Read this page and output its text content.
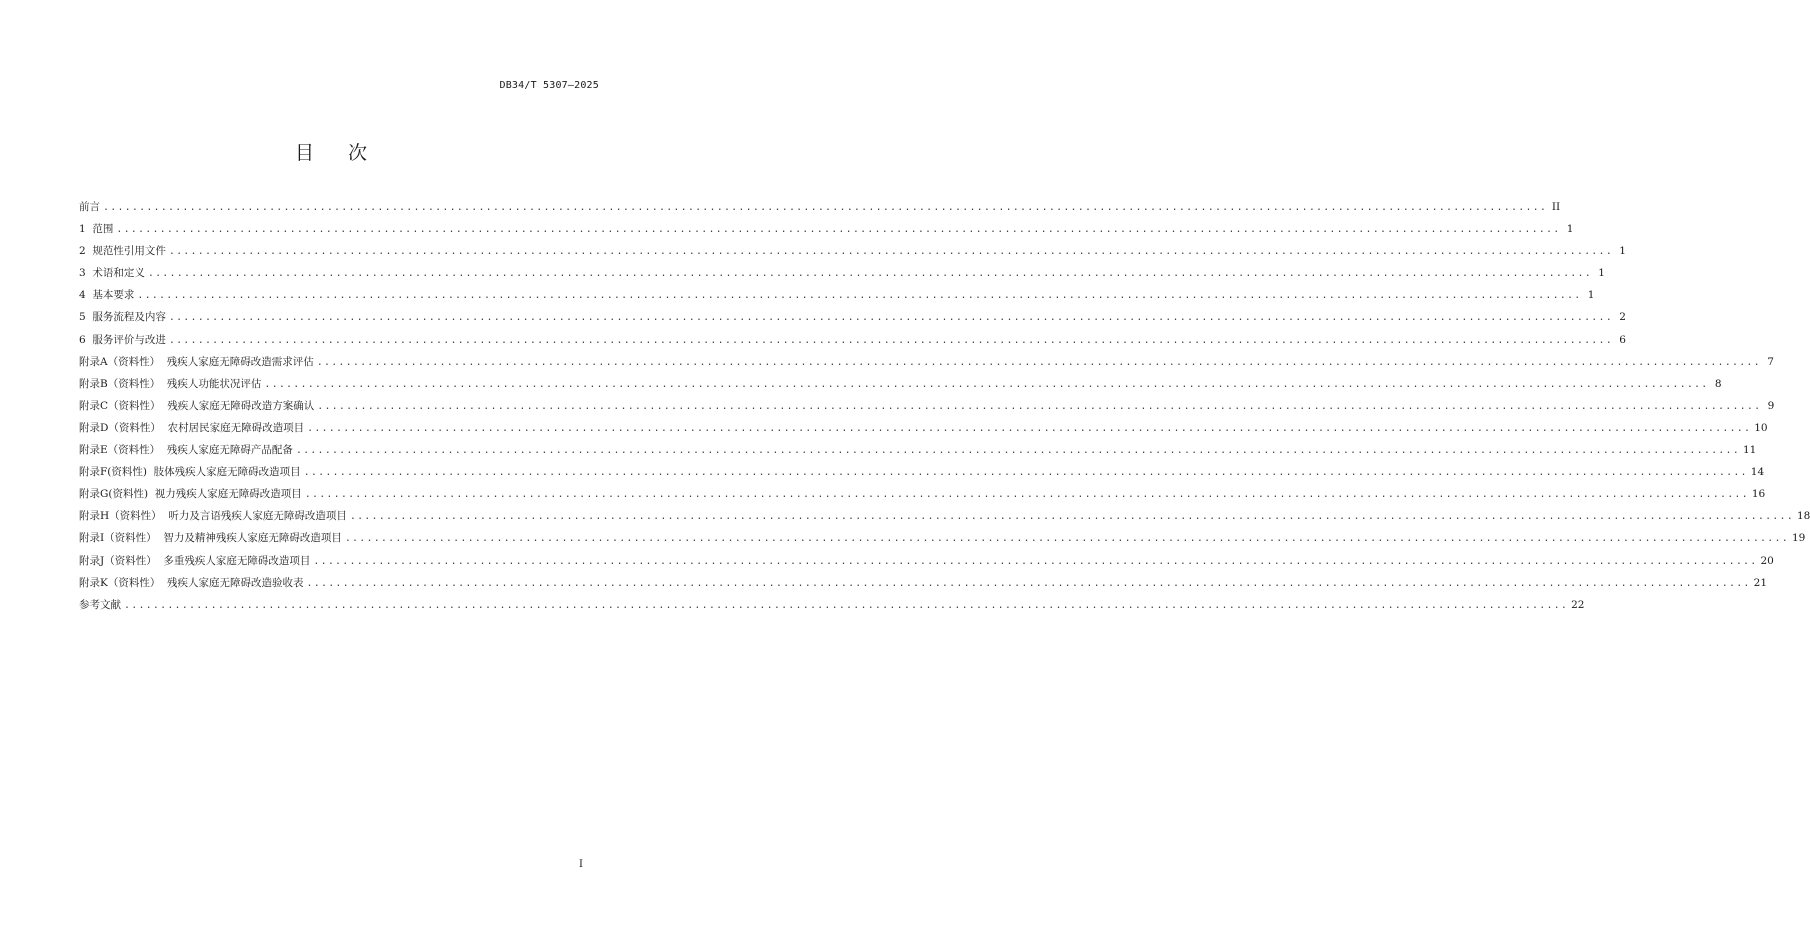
DB34/T 5307—2025
目 次
前言 ........................................................................................................................................................................................................ II
1  范围 ........................................................................................................................................................................................................ 1
2  规范性引用文件 ........................................................................................................................................................................................................ 1
3  术语和定义 ........................................................................................................................................................................................................ 1
4  基本要求 ........................................................................................................................................................................................................ 1
5  服务流程及内容 ........................................................................................................................................................................................................ 2
6  服务评价与改进 ........................................................................................................................................................................................................ 6
附录A（资料性）  残疾人家庭无障碍改造需求评估 ........................................................................................................................................................................................................ 7
附录B（资料性）  残疾人功能状况评估 ........................................................................................................................................................................................................ 8
附录C（资料性）  残疾人家庭无障碍改造方案确认 ........................................................................................................................................................................................................ 9
附录D（资料性）  农村居民家庭无障碍改造项目 ........................................................................................................................................................................................................ 10
附录E（资料性）  残疾人家庭无障碍产品配备 ........................................................................................................................................................................................................ 11
附录F(资料性)  肢体残疾人家庭无障碍改造项目 ........................................................................................................................................................................................................ 14
附录G(资料性)  视力残疾人家庭无障碍改造项目 ........................................................................................................................................................................................................ 16
附录H（资料性）  听力及言语残疾人家庭无障碍改造项目 ........................................................................................................................................................................................................ 18
附录I（资料性）  智力及精神残疾人家庭无障碍改造项目 ........................................................................................................................................................................................................ 19
附录J（资料性）  多重残疾人家庭无障碍改造项目 ........................................................................................................................................................................................................ 20
附录K（资料性）  残疾人家庭无障碍改造验收表 ........................................................................................................................................................................................................ 21
参考文献 ........................................................................................................................................................................................................ 22
I
